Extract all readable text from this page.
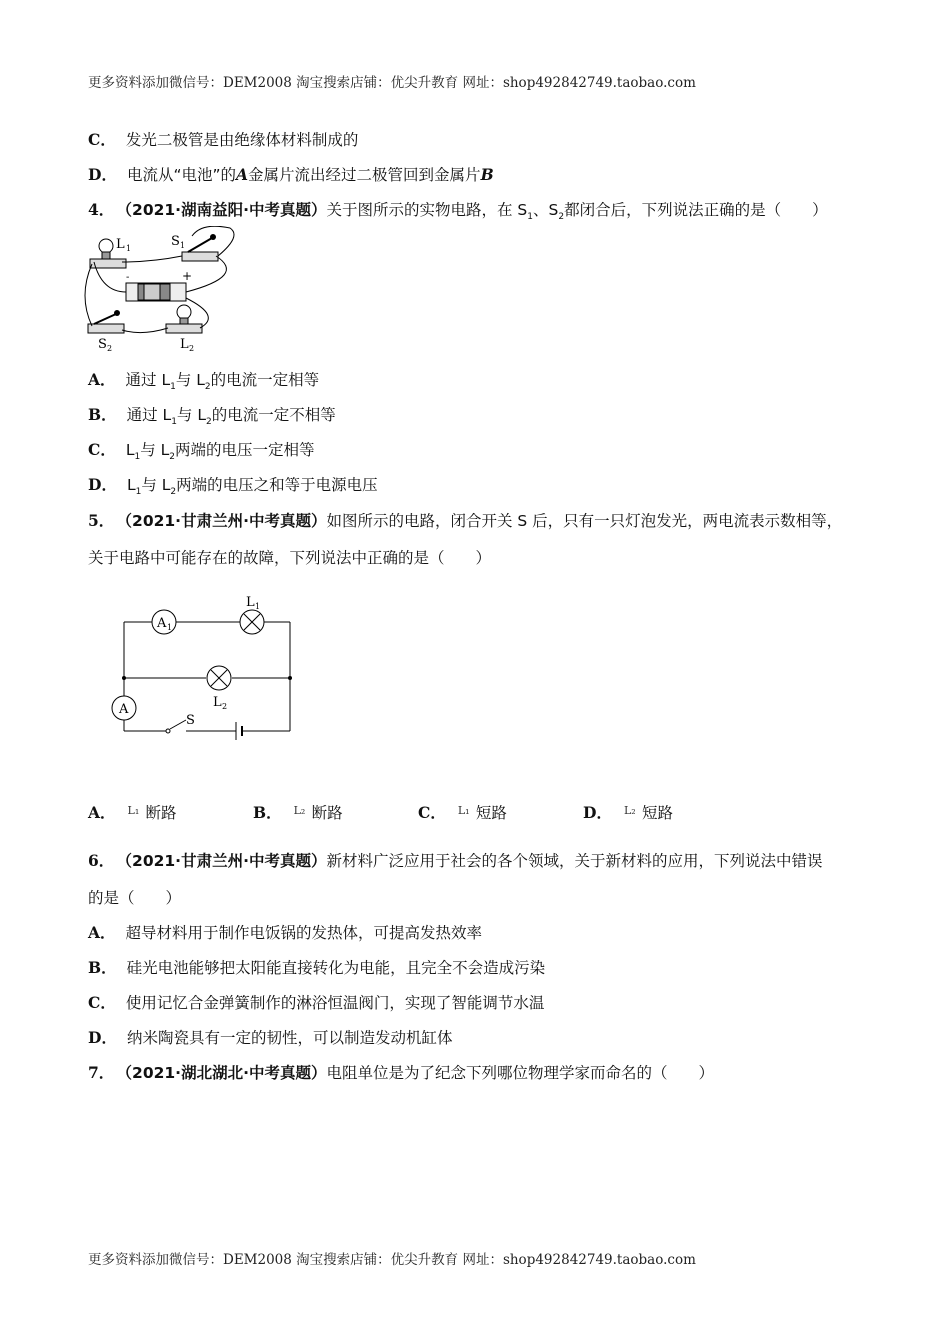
更多资料添加微信号：DEM2008 淘宝搜索店铺：优尖升教育 网址：shop492842749.taobao.com
C． 发光二极管是由绝缘体材料制成的
D． 电流从“电池”的A金属片流出经过二极管回到金属片B
4． （2021·湖南益阳·中考真题）关于图所示的实物电路，在 $S_1$、$S_2$都闭合后，下列说法正确的是（　　）
L 1	S 1
-	+
S 2	L 2
A． 通过 $L_1$与 $L_2$的电流一定相等
B． 通过 $L_1$与 $L_2$的电流一定不相等
C． $L_1$与 $L_2$两端的电压一定相等
D． $L_1$与 $L_2$两端的电压之和等于电源电压
5． （2021·甘肃兰州·中考真题）如图所示的电路，闭合开关 S 后，只有一只灯泡发光，两电流表示数相等，
关于电路中可能存在的故障，下列说法中正确的是（　　）
A 1
L 1
L 2
A
S
A． L₁ 断路	B． L₂ 断路	C． L₁ 短路	D． L₂ 短路
6． （2021·甘肃兰州·中考真题）新材料广泛应用于社会的各个领域，关于新材料的应用，下列说法中错误
的是（　　）
A． 超导材料用于制作电饭锅的发热体，可提高发热效率
B． 硅光电池能够把太阳能直接转化为电能，且完全不会造成污染
C． 使用记忆合金弹簧制作的淋浴恒温阀门，实现了智能调节水温
D． 纳米陶瓷具有一定的韧性，可以制造发动机缸体
7． （2021·湖北湖北·中考真题）电阻单位是为了纪念下列哪位物理学家而命名的（　　）
更多资料添加微信号：DEM2008 淘宝搜索店铺：优尖升教育 网址：shop492842749.taobao.com
